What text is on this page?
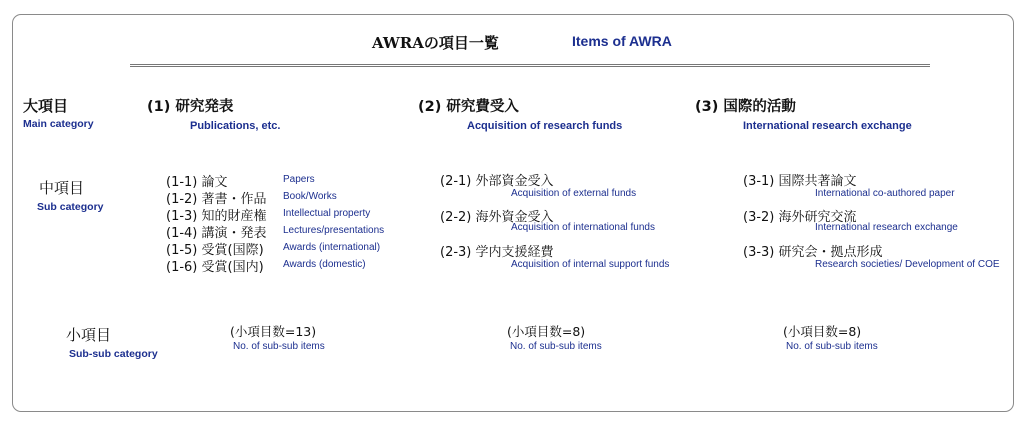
AWRAの項目一覧	Items of AWRA
大項目
Main category
中項目
Sub category
小項目
Sub-sub category
(1) 研究発表
Publications, etc.
(1-1) 論文	Papers
(1-2) 著書・作品 Book/Works
(1-3) 知的財産権 Intellectual property
(1-4) 講演・発表 Lectures/presentations
(1-5) 受賞(国際) Awards (international)
(1-6) 受賞(国内) Awards (domestic)
(小項目数=13)
No. of sub-sub items
(2) 研究費受入
Acquisition of research funds
(2-1) 外部資金受入
Acquisition of external funds
(2-2) 海外資金受入
Acquisition of international funds
(2-3) 学内支援経費
Acquisition of internal support funds
(小項目数=8)
No. of sub-sub items
(3) 国際的活動
International research exchange
(3-1) 国際共著論文
International co-authored paper
(3-2) 海外研究交流
International research exchange
(3-3) 研究会・拠点形成
Research societies/ Development of COE
(小項目数=8)
No. of sub-sub items
